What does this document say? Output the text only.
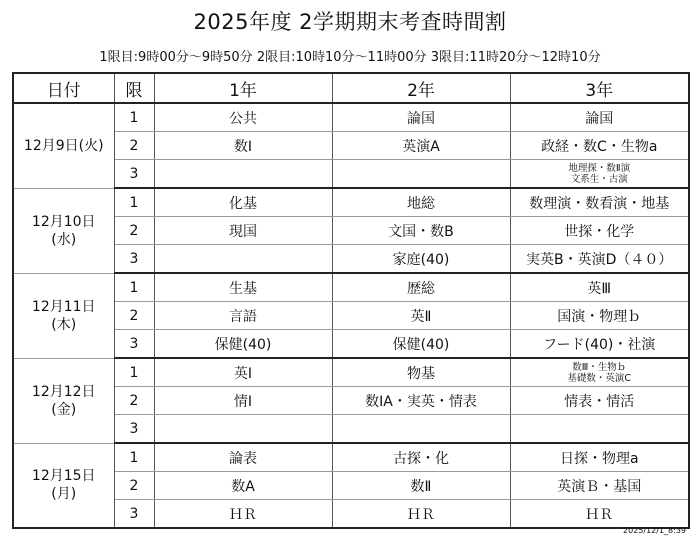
2025年度 2学期期末考査時間割
1限目:9時00分～9時50分 2限目:10時10分～11時00分 3限目:11時20分～12時10分
日付	限	1年	2年	3年

12月9日(火)	1	公共	論国	論国
	2	数Ⅰ	英演A	政経・数C・生物a
	3			地理探・数Ⅱ演
文系生・古演

12月10日
(水)	1	化基	地総	数理演・数看演・地基
	2	現国	文国・数B	世探・化学
	3		家庭(40)	実英B・英演D（４０）

12月11日
(木)	1	生基	歴総	英Ⅲ
	2	言語	英Ⅱ	国演・物理ｂ
	3	保健(40)	保健(40)	フード(40)・社演

12月12日
(金)	1	英Ⅰ	物基	数Ⅲ・生物ｂ
基礎数・英演C

	2	情Ⅰ	数IA・実英・情表	情表・情活
	3			

12月15日
(月)	1	論表	古探・化	日探・物理a
	2	数A	数Ⅱ	英演Ｂ・基国
	3	ＨＲ	ＨＲ	ＨＲ
2025/12/1_8:39
